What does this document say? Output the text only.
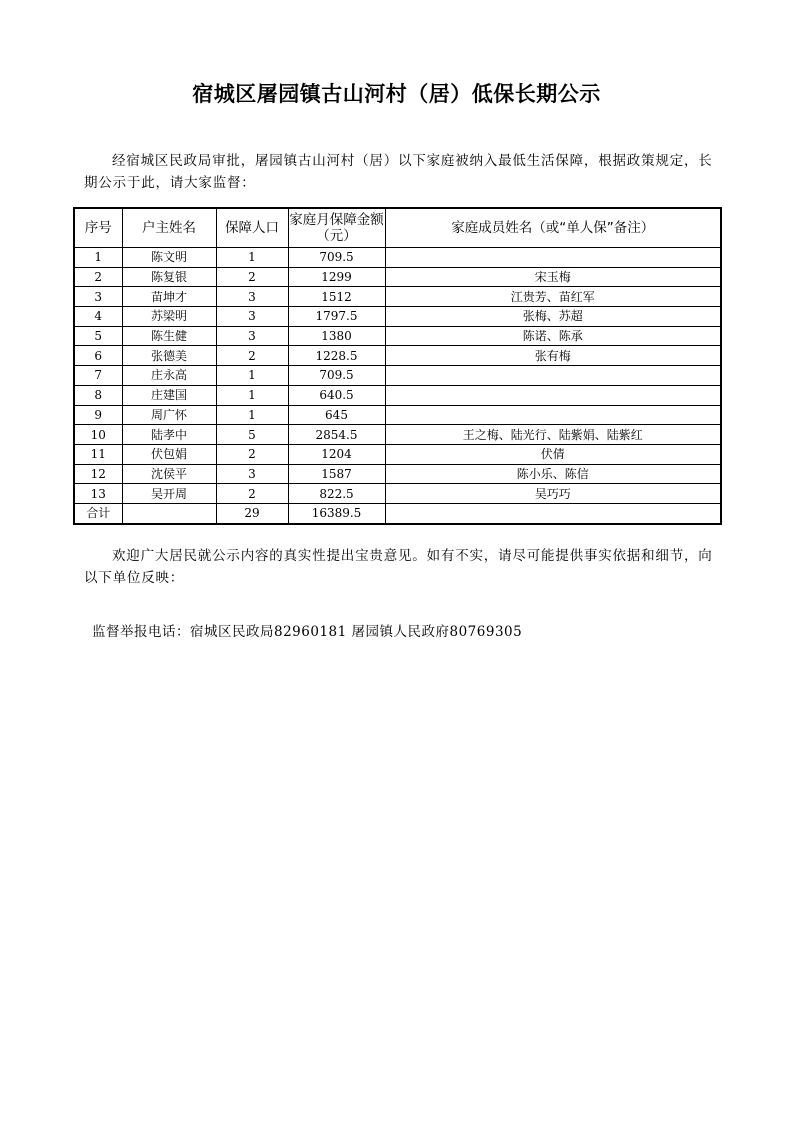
宿城区屠园镇古山河村（居）低保长期公示
经宿城区民政局审批，屠园镇古山河村（居）以下家庭被纳入最低生活保障，根据政策规定，长期公示于此，请大家监督：
序号	户主姓名	保障人口	家庭月保障金额（元）	家庭成员姓名（或“单人保”备注）
1	陈文明	1	709.5	
2	陈复银	2	1299	宋玉梅
3	苗坤才	3	1512	江贵芳、苗红军
4	苏梁明	3	1797.5	张梅、苏超
5	陈生健	3	1380	陈诺、陈承
6	张德美	2	1228.5	张有梅
7	庄永高	1	709.5	
8	庄建国	1	640.5	
9	周广怀	1	645	
10	陆孝中	5	2854.5	王之梅、陆光行、陆紫娟、陆紫红
11	伏包娟	2	1204	伏倩
12	沈侯平	3	1587	陈小乐、陈信
13	吴开周	2	822.5	吴巧巧
合计		29	16389.5	
欢迎广大居民就公示内容的真实性提出宝贵意见。如有不实，请尽可能提供事实依据和细节，向以下单位反映：
监督举报电话：宿城区民政局82960181 屠园镇人民政府80769305
